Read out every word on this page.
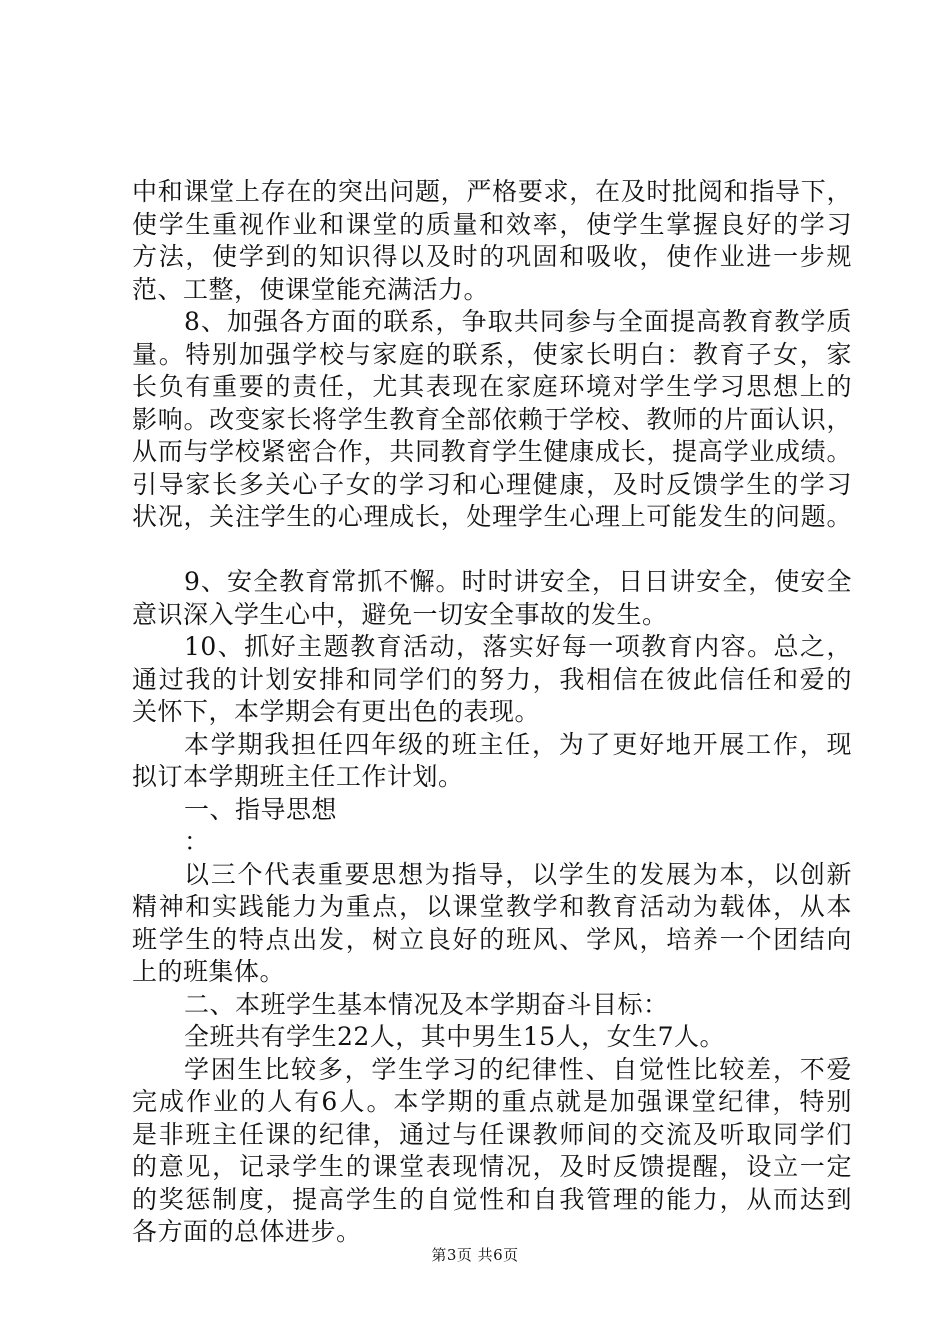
中和课堂上存在的突出问题，严格要求，在及时批阅和指导下，
使学生重视作业和课堂的质量和效率，使学生掌握良好的学习
方法，使学到的知识得以及时的巩固和吸收，使作业进一步规
范、工整，使课堂能充满活力。
8、加强各方面的联系，争取共同参与全面提高教育教学质
量。特别加强学校与家庭的联系，使家长明白：教育子女，家
长负有重要的责任，尤其表现在家庭环境对学生学习思想上的
影响。改变家长将学生教育全部依赖于学校、教师的片面认识，
从而与学校紧密合作，共同教育学生健康成长，提高学业成绩。
引导家长多关心子女的学习和心理健康，及时反馈学生的学习
状况，关注学生的心理成长，处理学生心理上可能发生的问题。
9、安全教育常抓不懈。时时讲安全，日日讲安全，使安全
意识深入学生心中，避免一切安全事故的发生。
10、抓好主题教育活动，落实好每一项教育内容。总之，
通过我的计划安排和同学们的努力，我相信在彼此信任和爱的
关怀下，本学期会有更出色的表现。
本学期我担任四年级的班主任，为了更好地开展工作，现
拟订本学期班主任工作计划。
一、指导思想
：
以三个代表重要思想为指导，以学生的发展为本，以创新
精神和实践能力为重点，以课堂教学和教育活动为载体，从本
班学生的特点出发，树立良好的班风、学风，培养一个团结向
上的班集体。
二、本班学生基本情况及本学期奋斗目标：
全班共有学生22人，其中男生15人，女生7人。
学困生比较多，学生学习的纪律性、自觉性比较差，不爱
完成作业的人有6人。本学期的重点就是加强课堂纪律，特别
是非班主任课的纪律，通过与任课教师间的交流及听取同学们
的意见，记录学生的课堂表现情况，及时反馈提醒，设立一定
的奖惩制度，提高学生的自觉性和自我管理的能力，从而达到
各方面的总体进步。
第3页 共6页
